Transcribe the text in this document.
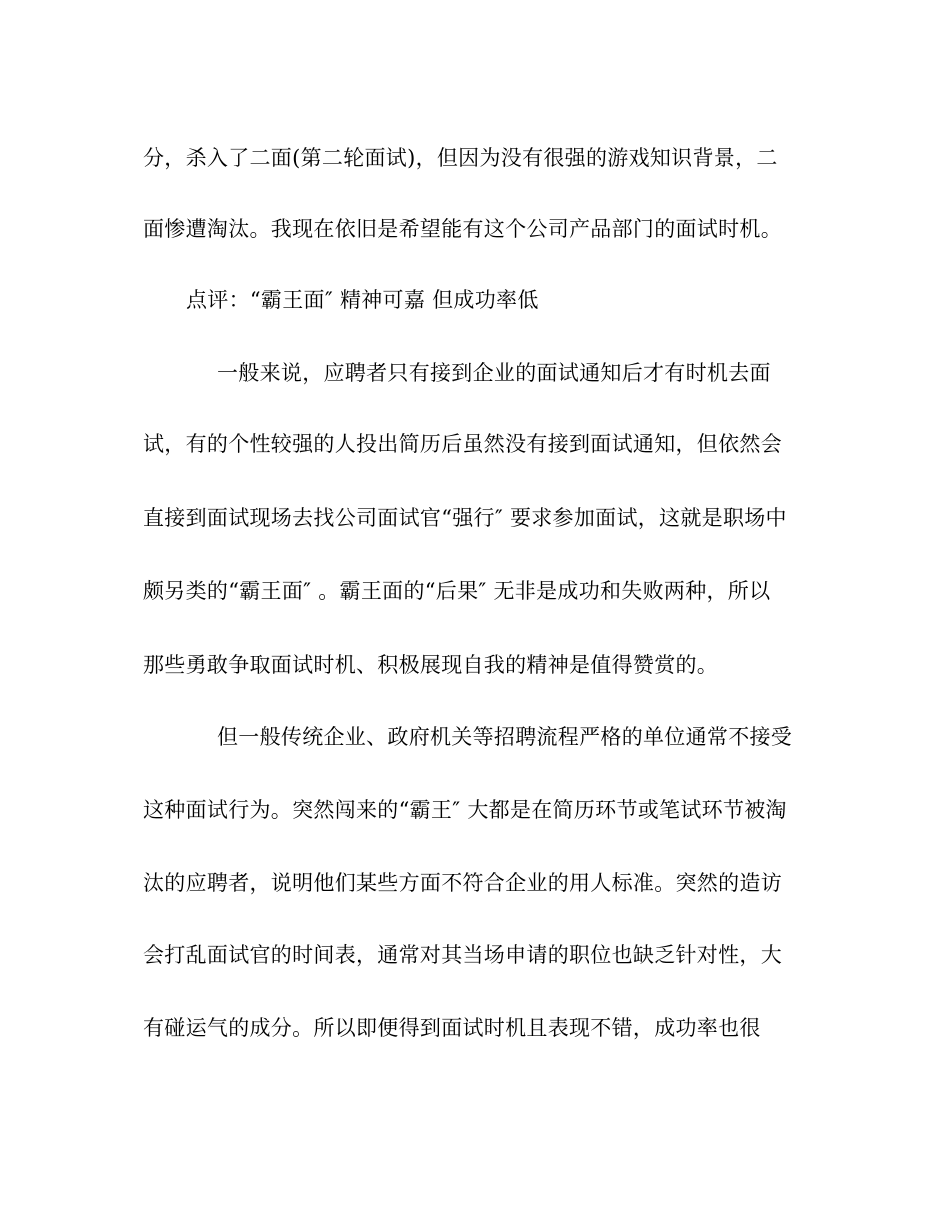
分，杀入了二面(第二轮面试)，但因为没有很强的游戏知识背景，二
面惨遭淘汰。我现在依旧是希望能有这个公司产品部门的面试时机。
点评：“霸王面″ 精神可嘉 但成功率低
一般来说，应聘者只有接到企业的面试通知后才有时机去面
试，有的个性较强的人投出简历后虽然没有接到面试通知，但依然会
直接到面试现场去找公司面试官“强行″ 要求参加面试，这就是职场中
颇另类的“霸王面″ 。霸王面的“后果″ 无非是成功和失败两种，所以
那些勇敢争取面试时机、积极展现自我的精神是值得赞赏的。
但一般传统企业、政府机关等招聘流程严格的单位通常不接受
这种面试行为。突然闯来的“霸王″ 大都是在简历环节或笔试环节被淘
汰的应聘者，说明他们某些方面不符合企业的用人标准。突然的造访
会打乱面试官的时间表，通常对其当场申请的职位也缺乏针对性，大
有碰运气的成分。所以即便得到面试时机且表现不错，成功率也很
